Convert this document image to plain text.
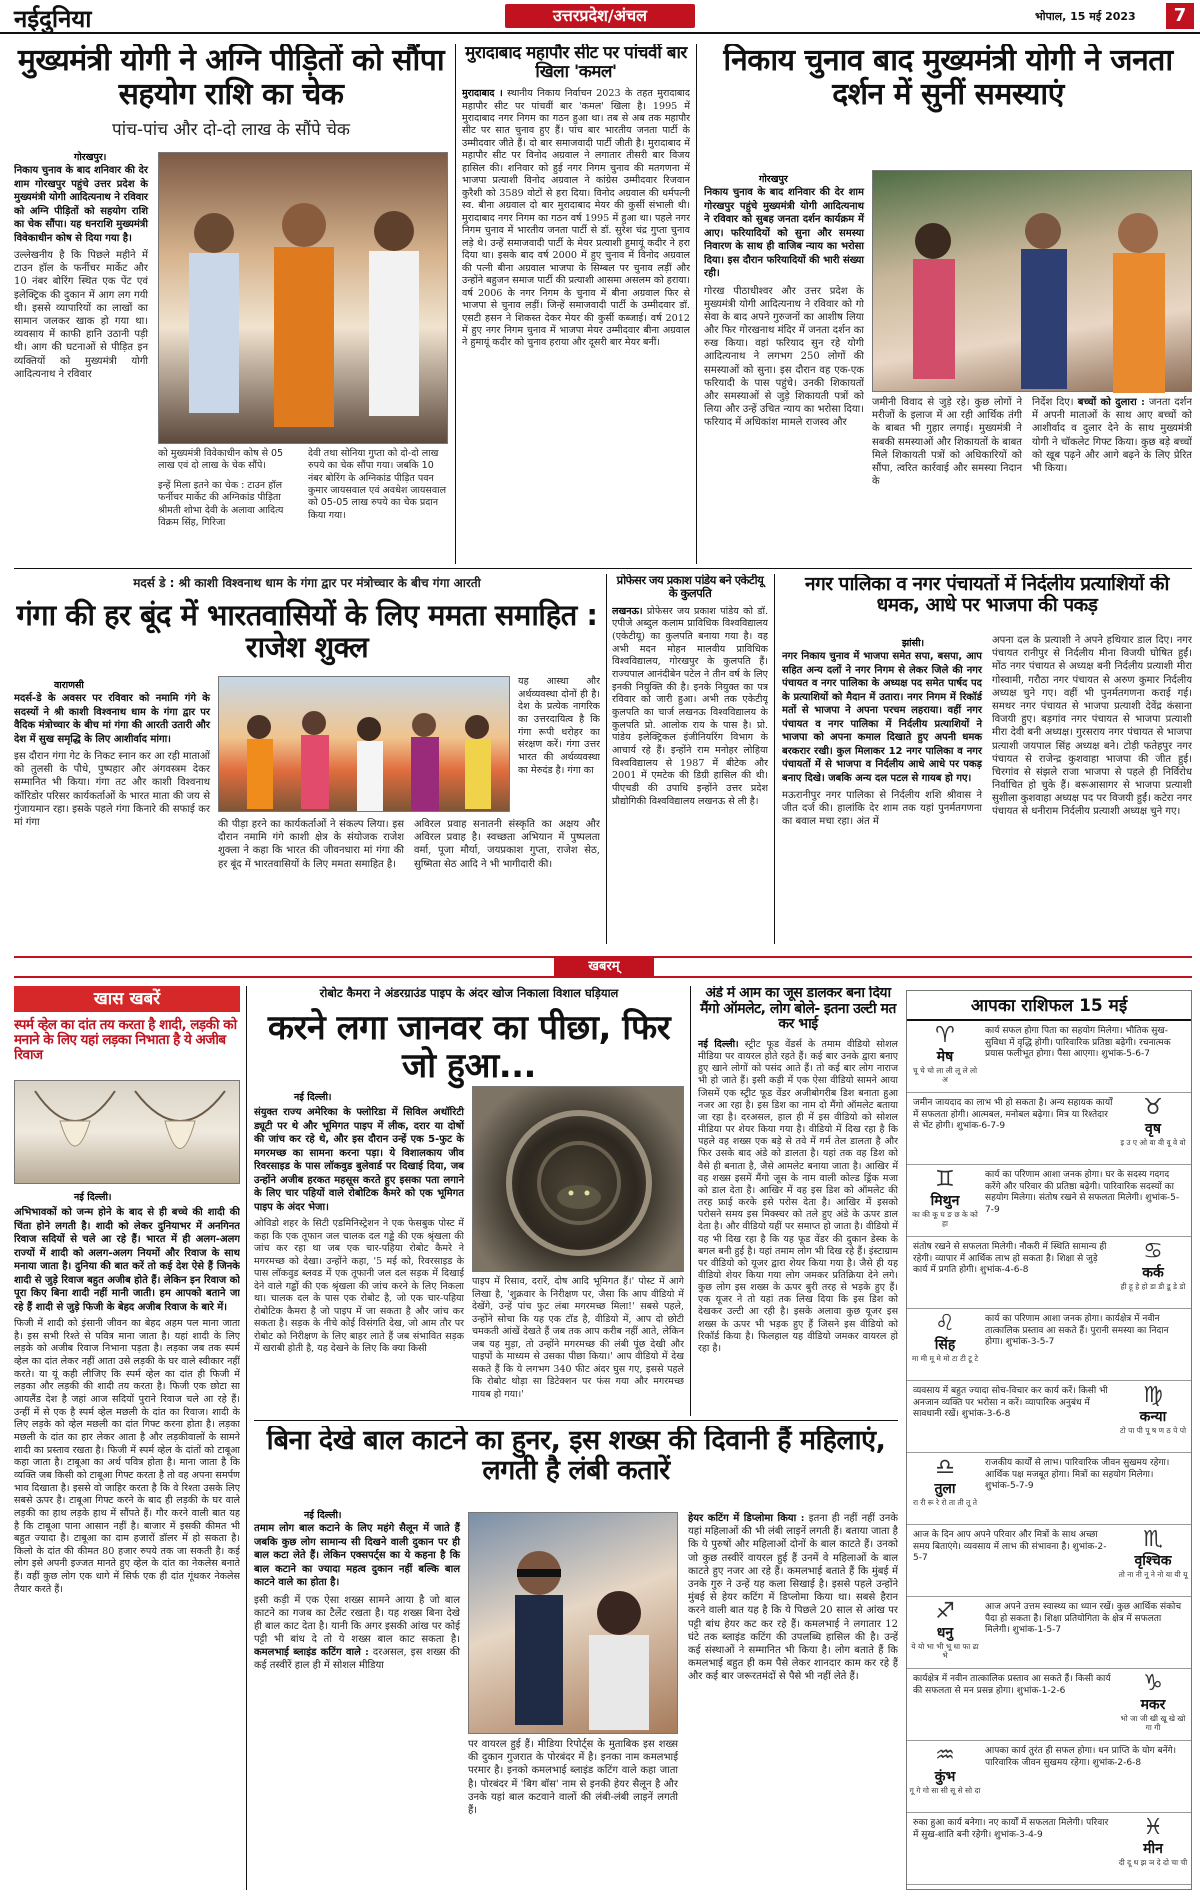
नईदुनिया	उत्तरप्रदेश/अंचल	भोपाल, 15 मई 2023	7
मुख्यमंत्री योगी ने अग्नि पीड़ितों को सौंपा सहयोग राशि का चेक
पांच-पांच और दो-दो लाख के सौंपे चेक
गोरखपुर।
निकाय चुनाव के बाद शनिवार की देर शाम गोरखपुर पहुंचे उत्तर प्रदेश के मुख्यमंत्री योगी आदित्यनाथ ने रविवार को अग्नि पीड़ितों को सहयोग राशि का चेक सौंपा। यह धनराशि मुख्यमंत्री विवेकाधीन कोष से दिया गया है।
उल्लेखनीय है कि पिछले महीने में टाउन हॉल के फर्नीचर मार्केट और 10 नंबर बोरिंग स्थित एक पेंट एवं इलेक्ट्रिक की दुकान में आग लग गयी थी। इससे व्यापारियों का लाखों का सामान जलकर खाक हो गया था। व्यवसाय में काफी हानि उठानी पड़ी थी। आग की घटनाओं से पीड़ित इन व्यक्तियों को मुख्यमंत्री योगी आदित्यनाथ ने रविवार
को मुख्यमंत्री विवेकाधीन कोष से 05 लाख एवं दो लाख के चेक सौंपे।
इन्हें मिला इतने का चेक : टाउन हॉल फर्नीचर मार्केट की अग्निकांड पीड़िता श्रीमती शोभा देवी के अलावा आदित्य विक्रम सिंह, गिरिजा
देवी तथा सोनिया गुप्ता को दो-दो लाख रुपये का चेक सौंपा गया। जबकि 10 नंबर बोरिंग के अग्निकांड पीड़ित पवन कुमार जायसवाल एवं अवधेश जायसवाल को 05-05 लाख रुपये का चेक प्रदान किया गया।
मुरादाबाद महापौर सीट पर पांचवीं बार खिला 'कमल'
मुरादाबाद । स्थानीय निकाय निर्वाचन 2023 के तहत मुरादाबाद महापौर सीट पर पांचवीं बार 'कमल' खिला है। 1995 में मुरादाबाद नगर निगम का गठन हुआ था। तब से अब तक महापौर सीट पर सात चुनाव हुए हैं। पांच बार भारतीय जनता पार्टी के उम्मीदवार जीते हैं। दो बार समाजवादी पार्टी जीती है। मुरादाबाद में महापौर सीट पर विनोद अग्रवाल ने लगातार तीसरी बार विजय हासिल की। शनिवार को हुई नगर निगम चुनाव की मतगणना में भाजपा प्रत्याशी विनोद अग्रवाल ने कांग्रेस उम्मीदवार रिजवान कुरैशी को 3589 वोटों से हरा दिया। विनोद अग्रवाल की धर्मपत्नी स्व. बीना अग्रवाल दो बार मुरादाबाद मेयर की कुर्सी संभाली थी। मुरादाबाद नगर निगम का गठन वर्ष 1995 में हुआ था। पहले नगर निगम चुनाव में भारतीय जनता पार्टी से डॉ. सुरेश चंद्र गुप्ता चुनाव लड़े थे। उन्हें समाजवादी पार्टी के मेयर प्रत्याशी हुमायूं कदीर ने हरा दिया था। इसके बाद वर्ष 2000 में हुए चुनाव में विनोद अग्रवाल की पत्नी बीना अग्रवाल भाजपा के सिम्बल पर चुनाव लड़ीं और उन्होंने बहुजन समाज पार्टी की प्रत्याशी आसमा असलम को हराया। वर्ष 2006 के नगर निगम के चुनाव में बीना अग्रवाल फिर से भाजपा से चुनाव लड़ीं। जिन्हें समाजवादी पार्टी के उम्मीदवार डॉ. एसटी हसन ने शिकस्त देकर मेयर की कुर्सी कब्जाई। वर्ष 2012 में हुए नगर निगम चुनाव में भाजपा मेयर उम्मीदवार बीना अग्रवाल ने हुमायूं कदीर को चुनाव हराया और दूसरी बार मेयर बनीं।
निकाय चुनाव बाद मुख्यमंत्री योगी ने जनता दर्शन में सुनीं समस्याएं
गोरखपुर
निकाय चुनाव के बाद शनिवार की देर शाम गोरखपुर पहुंचे मुख्यमंत्री योगी आदित्यनाथ ने रविवार को सुबह जनता दर्शन कार्यक्रम में आए। फरियादियों को सुना और समस्या निवारण के साथ ही वाजिब न्याय का भरोसा दिया। इस दौरान फरियादियों की भारी संख्या रही।
गोरख पीठाधीश्वर और उत्तर प्रदेश के मुख्यमंत्री योगी आदित्यनाथ ने रविवार को गो सेवा के बाद अपने गुरुजनों का आशीष लिया और फिर गोरखनाथ मंदिर में जनता दर्शन का रुख किया। वहां फरियाद सुन रहे योगी आदित्यनाथ ने लगभग 250 लोगों की समस्याओं को सुना। इस दौरान वह एक-एक फरियादी के पास पहुंचे। उनकी शिकायतों और समस्याओं से जुड़े शिकायती पत्रों को लिया और उन्हें उचित न्याय का भरोसा दिया। फरियाद में अधिकांश मामले राजस्व और
जमीनी विवाद से जुड़े रहे। कुछ लोगों ने मरीजों के इलाज में आ रही आर्थिक तंगी के बाबत भी गुहार लगाई। मुख्यमंत्री ने सबकी समस्याओं और शिकायतों के बाबत मिले शिकायती पत्रों को अधिकारियों को सौंपा, त्वरित कार्रवाई और समस्या निदान के
निर्देश दिए। बच्चों को दुलारा : जनता दर्शन में अपनी माताओं के साथ आए बच्चों को आशीर्वाद व दुलार देने के साथ मुख्यमंत्री योगी ने चॉकलेट गिफ्ट किया। कुछ बड़े बच्चों को खूब पढ़ने और आगे बढ़ने के लिए प्रेरित भी किया।
मदर्स डे : श्री काशी विश्वनाथ धाम के गंगा द्वार पर मंत्रोच्चार के बीच गंगा आरती
गंगा की हर बूंद में भारतवासियों के लिए ममता समाहित : राजेश शुक्ल
वाराणसी
मदर्स-डे के अवसर पर रविवार को नमामि गंगे के सदस्यों ने श्री काशी विश्वनाथ धाम के गंगा द्वार पर वैदिक मंत्रोच्चार के बीच मां गंगा की आरती उतारी और देश में सुख समृद्धि के लिए आशीर्वाद मांगा।
इस दौरान गंगा गेट के निकट स्नान कर आ रही माताओं को तुलसी के पौधे, पुष्पहार और अंगवस्त्रम देकर सम्मानित भी किया। गंगा तट और काशी विश्वनाथ कॉरिडोर परिसर कार्यकर्ताओं के भारत माता की जय से गुंजायमान रहा। इसके पहले गंगा किनारे की सफाई कर मां गंगा
यह आस्था और अर्थव्यवस्था दोनों ही है। देश के प्रत्येक नागरिक का उत्तरदायित्व है कि गंगा रूपी धरोहर का संरक्षण करें। गंगा उत्तर भारत की अर्थव्यवस्था का मेरुदंड है। गंगा का
की पीड़ा हरने का कार्यकर्ताओं ने संकल्प लिया। इस दौरान नमामि गंगे काशी क्षेत्र के संयोजक राजेश शुक्ला ने कहा कि भारत की जीवनधारा मां गंगा की हर बूंद में भारतवासियों के लिए ममता समाहित है।
अविरल प्रवाह सनातनी संस्कृति का अक्षय और अविरल प्रवाह है। स्वच्छता अभियान में पुष्पलता वर्मा, पूजा मौर्या, जयप्रकाश गुप्ता, राजेश सेठ, सुष्मिता सेठ आदि ने भी भागीदारी की।
प्रोफेसर जय प्रकाश पांडेय बने एकेटीयू के कुलपति
लखनऊ। प्रोफेसर जय प्रकाश पांडेय को डॉ. एपीजे अब्दुल कलाम प्राविधिक विश्वविद्यालय (एकेटीयू) का कुलपति बनाया गया है। वह अभी मदन मोहन मालवीय प्राविधिक विश्वविद्यालय, गोरखपुर के कुलपति हैं। राज्यपाल आनंदीबेन पटेल ने तीन वर्ष के लिए इनकी नियुक्ति की है। इनके नियुक्त का पत्र रविवार को जारी हुआ। अभी तक एकेटीयू कुलपति का चार्ज लखनऊ विश्वविद्यालय के कुलपति प्रो. आलोक राय के पास है। प्रो. पांडेय इलेक्ट्रिकल इंजीनियरिंग विभाग के आचार्य रहे हैं। इन्होंने राम मनोहर लोहिया विश्वविद्यालय से 1987 में बीटेक और 2001 में एमटेक की डिग्री हासिल की थी। पीएचडी की उपाधि इन्होंने उत्तर प्रदेश प्रौद्योगिकी विश्वविद्यालय लखनऊ से ली है।
नगर पालिका व नगर पंचायतों में निर्दलीय प्रत्याशियों की धमक, आधे पर भाजपा की पकड़
झांसी।
नगर निकाय चुनाव में भाजपा समेत सपा, बसपा, आप सहित अन्य दलों ने नगर निगम से लेकर जिले की नगर पंचायत व नगर पालिका के अध्यक्ष पद समेत पार्षद पद के प्रत्याशियों को मैदान में उतारा। नगर निगम में रिकॉर्ड मतों से भाजपा ने अपना परचम लहराया। वहीं नगर पंचायत व नगर पालिका में निर्दलीय प्रत्याशियों ने भाजपा को अपना कमाल दिखाते हुए अपनी धमक बरकरार रखी। कुल मिलाकर 12 नगर पालिका व नगर पंचायतों में से भाजपा व निर्दलीय आधे आधे पर पकड़ बनाए दिखे। जबकि अन्य दल पटल से गायब हो गए।
मऊरानीपुर नगर पालिका से निर्दलीय शशि श्रीवास ने जीत दर्ज की। हालांकि देर शाम तक यहां पुनर्मतगणना का बवाल मचा रहा। अंत में
अपना दल के प्रत्याशी ने अपने हथियार डाल दिए। नगर पंचायत रानीपुर से निर्दलीय मीना विजयी घोषित हुईं। मोंठ नगर पंचायत से अध्यक्ष बनी निर्दलीय प्रत्याशी मीरा गोस्वामी, गरौठा नगर पंचायत से अरुण कुमार निर्दलीय अध्यक्ष चुने गए। वहीं भी पुनर्मतगणना कराई गई। समथर नगर पंचायत से भाजपा प्रत्याशी देवेंद्र कंसाना विजयी हुए। बड़गांव नगर पंचायत से भाजपा प्रत्याशी मीरा देवी बनी अध्यक्ष। गुरसराय नगर पंचायत से भाजपा प्रत्याशी जयपाल सिंह अध्यक्ष बने। टोड़ी फतेहपुर नगर पंचायत से राजेन्द्र कुशवाहा भाजपा की जीत हुई। चिरगांव से संझले राजा भाजपा से पहले ही निर्विरोध निर्वाचित हो चुके हैं। बरूआसागर से भाजपा प्रत्याशी सुशीला कुशवाहा अध्यक्ष पद पर विजयी हुईं। कटेरा नगर पंचायत से धनीराम निर्दलीय प्रत्याशी अध्यक्ष चुने गए।
खबरम्
खास खबरें
स्पर्म व्हेल का दांत तय करता है शादी, लड़की को मनाने के लिए यहां लड़का निभाता है ये अजीब रिवाज
नई दिल्ली।
अभिभावकों को जन्म होने के बाद से ही बच्चे की शादी की चिंता होने लगती है। शादी को लेकर दुनियाभर में अनगिनत रिवाज सदियों से चले आ रहे हैं। भारत में ही अलग-अलग राज्यों में शादी को अलग-अलग नियमों और रिवाज के साथ मनाया जाता है। दुनिया की बात करें तो कई देश ऐसे हैं जिनके शादी से जुड़े रिवाज बहुत अजीब होते हैं। लेकिन इन रिवाज को पूरा किए बिना शादी नहीं मानी जाती। हम आपको बताने जा रहे हैं शादी से जुड़े फिजी के बेहद अजीब रिवाज के बारे में।
फिजी में शादी को इंसानी जीवन का बेहद अहम पल माना जाता है। इस सभी रिश्ते से पवित्र माना जाता है। यहां शादी के लिए लड़के को अजीब रिवाज निभाना पड़ता है। लड़का जब तक स्पर्म व्हेल का दांत लेकर नहीं आता उसे लड़की के घर वाले स्वीकार नहीं करते। या यूं कही लीजिए कि स्पर्म व्हेल का दांत ही फिजी में लड़का और लड़की की शादी तय करता है। फिजी एक छोटा सा आयलैंड देश है जहां आज सदियों पुराने रिवाज चले आ रहे हैं। उन्हीं में से एक है स्पर्म व्हेल मछली के दांत का रिवाज। शादी के लिए लड़के को व्हेल मछली का दांत गिफ्ट करना होता है। लड़का मछली के दांत का हार लेकर आता है और लड़कीवालों के सामने शादी का प्रस्ताव रखता है। फिजी में स्पर्म व्हेल के दांतों को टाबूआ कहा जाता है। टाबूआ का अर्थ पवित्र होता है। माना जाता है कि व्यक्ति जब किसी को टाबूआ गिफ्ट करता है तो वह अपना समर्पण भाव दिखाता है। इससे वो जाहिर करता है कि वे रिश्ता उसके लिए सबसे ऊपर है। टाबूआ गिफ्ट करने के बाद ही लड़की के घर वाले लड़की का हाथ लड़के हाथ में सौंपते हैं। गौर करने वाली बात यह है कि टाबूआ पाना आसान नहीं है। बाजार में इसकी कीमत भी बहुत ज्यादा है। टाबूआ का दाम हजारों डॉलर में हो सकता है। किलो के दांत की कीमत 80 हजार रुपये तक जा सकती है। कई लोग इसे अपनी इज्जत मानते हुए व्हेल के दांत का नेकलेस बनाते हैं। वहीं कुछ लोग एक धागे में सिर्फ एक ही दांत गूंथकर नेकलेस तैयार करते हैं।
रोबोट कैमरा ने अंडरग्राउंड पाइप के अंदर खोज निकाला विशाल घड़ियाल
करने लगा जानवर का पीछा, फिर जो हुआ...
नई दिल्ली।
संयुक्त राज्य अमेरिका के फ्लोरिडा में सिविल अथॉरिटी ड्यूटी पर थे और भूमिगत पाइप में लीक, दरार या दोषों की जांच कर रहे थे, और इस दौरान उन्हें एक 5-फुट के मगरमच्छ का सामना करना पड़ा। ये विशालकाय जीव रिवरसाइड के पास लॉकवुड बुलेवार्ड पर दिखाई दिया, जब उन्होंने अजीब हरकत महसूस करते हुए इसका पता लगाने के लिए चार पहियों वाले रोबोटिक कैमरे को एक भूमिगत पाइप के अंदर भेजा।
ओविडो शहर के सिटी एडमिनिस्ट्रेशन ने एक फेसबुक पोस्ट में कहा कि एक तूफान जल चालक दल गड्ढे की एक श्रृंखला की जांच कर रहा था जब एक चार-पहिया रोबोट कैमरे ने मगरमच्छ को देखा। उन्होंने कहा, '5 मई को, रिवरसाइड के पास लॉकवुड ब्लवड में एक तूफानी जल दल सड़क में दिखाई देने वाले गड्ढों की एक श्रृंखला की जांच करने के लिए निकला था। चालक दल के पास एक रोबोट है, जो एक चार-पहिया रोबोटिक कैमरा है जो पाइप में जा सकता है और जांच कर सकता है। सड़क के नीचे कोई विसंगति देख, जो आम तौर पर रोबोट को निरीक्षण के लिए बाहर लाते हैं जब संभावित सड़क में खराबी होती है, यह देखने के लिए कि क्या किसी
पाइप में रिसाव, दरारें, दोष आदि भूमिगत हैं।' पोस्ट में आगे लिखा है, 'शुक्रवार के निरीक्षण पर, जैसा कि आप वीडियो में देखेंगे, उन्हें पांच फुट लंबा मगरमच्छ मिला!' सबसे पहले, उन्होंने सोचा कि यह एक टॉड है, वीडियो में, आप दो छोटी चमकती आंखें देखते हैं जब तक आप करीब नहीं आते, लेकिन जब यह मुड़ा, तो उन्होंने मगरमच्छ की लंबी पूंछ देखी और पाइपों के माध्यम से उसका पीछा किया।' आप वीडियो में देख सकते हैं कि ये लगभग 340 फीट अंदर घुस गए, इससे पहले कि रोबोट थोड़ा सा डिटेक्शन पर फंस गया और मगरमच्छ गायब हो गया।'
अंडे में आम का जूस डालकर बना दिया मैंगो ऑमलेट, लोग बोले- इतना उल्टी मत कर भाई
नई दिल्ली। स्ट्रीट फूड वेंडर्स के तमाम वीडियो सोशल मीडिया पर वायरल होते रहते हैं। कई बार उनके द्वारा बनाए हुए खाने लोगों को पसंद आते हैं। तो कई बार लोग नाराज भी हो जाते हैं। इसी कड़ी में एक ऐसा वीडियो सामने आया जिसमें एक स्ट्रीट फूड वेंडर अजीबोगरीब डिश बनाता हुआ नजर आ रहा है। इस डिश का नाम दो मैंगो ऑमलेट बताया जा रहा है। दरअसल, हाल ही में इस वीडियो को सोशल मीडिया पर शेयर किया गया है। वीडियो में दिख रहा है कि पहले वह शख्स एक बड़े से तवे में गर्म तेल डालता है और फिर उसके बाद अंडे को डालता है। यहां तक वह डिश को वैसे ही बनाता है, जैसे आमलेट बनाया जाता है। आखिर में वह शख्स इसमें मैंगो जूस के नाम वाली कोल्ड ड्रिंक मजा को डाल देता है। आखिर में वह इस डिश को ऑमलेट की तरह फ्राई करके इसे परोस देता है। आखिर में इसको परोसने समय इस मिक्स्चर को तले हुए अंडे के ऊपर डाल देता है। और वीडियो यहीं पर समाप्त हो जाता है। वीडियो में यह भी दिख रहा है कि यह फूड वेंडर की दुकान डेस्क के बगल बनी हुई है। यहां तमाम लोग भी दिख रहे हैं। इंस्टाग्राम पर वीडियो को यूजर द्वारा शेयर किया गया है। जैसे ही यह वीडियो शेयर किया गया लोग जमकर प्रतिक्रिया देने लगे। कुछ लोग इस शख्स के ऊपर बुरी तरह से भड़के हुए हैं। एक यूजर ने तो यहां तक लिख दिया कि इस डिश को देखकर उल्टी आ रही है। इसके अलावा कुछ यूजर इस शख्स के ऊपर भी भड़क हुए हैं जिसने इस वीडियो को रिकॉर्ड किया है। फिलहाल यह वीडियो जमकर वायरल हो रहा है।
आपका राशिफल 15 मई
♈
मेष
चू चे चो ला ली लू ले लो अ
कार्य सफल होगा पिता का सहयोग मिलेगा। भौतिक सुख-सुविधा में वृद्धि होगी। पारिवारिक प्रतिष्ठा बढ़ेगी। रचनात्मक प्रयास फलीभूत होगा। पैसा आएगा। शुभांक-5-6-7
♉
वृष
इ उ ए ओ वा वी वू वे वो
जमीन जायदाद का लाभ भी हो सकता है। अन्य सहायक कार्यों में सफलता होगी। आत्मबल, मनोबल बढ़ेगा। मित्र या रिश्तेदार से भेंट होगी। शुभांक-6-7-9
♊
मिथुन
का की कू घ ङ छ के को हा
कार्य का परिणाम आशा जनक होगा। घर के सदस्य गदगद करेंगे और परिवार की प्रतिष्ठा बढ़ेगी। पारिवारिक सदस्यों का सहयोग मिलेगा। संतोष रखने से सफलता मिलेगी। शुभांक-5-7-9
♋
कर्क
ही हू हे हो डा डी डू डे डो
संतोष रखने से सफलता मिलेगी। नौकरी में स्थिति सामान्य ही रहेगी। व्यापार में आर्थिक लाभ हो सकता है। शिक्षा से जुड़े कार्य में प्रगति होगी। शुभांक-4-6-8
♌
सिंह
मा मी मू मे मो टा टी टू टे
कार्य का परिणाम आशा जनक होगा। कार्यक्षेत्र में नवीन तात्कालिक प्रस्ताव आ सकते हैं। पुरानी समस्या का निदान होगा। शुभांक-3-5-7
♍
कन्या
टो पा पी पू ष ण ठ पे पो
व्यवसाय में बहुत ज्यादा सोच-विचार कर कार्य करें। किसी भी अनजान व्यक्ति पर भरोसा न करें। व्यापारिक अनुबंध में सावधानी रखें। शुभांक-3-6-8
♎
तुला
रा री रू रे रो ता ती तू ते
राजकीय कार्यों से लाभ। पारिवारिक जीवन सुखमय रहेगा। आर्थिक पक्ष मजबूत होगा। मित्रों का सहयोग मिलेगा। शुभांक-5-7-9
♏
वृश्चिक
तो ना नी नू ने नो या यी यू
आज के दिन आप अपने परिवार और मित्रों के साथ अच्छा समय बिताएंगे। व्यवसाय में लाभ की संभावना है। शुभांक-2-5-7
♐
धनु
ये यो भा भी भू धा फा ढा भे
आज अपने उत्तम स्वास्थ्य का ध्यान रखें। कुछ आर्थिक संकोच पैदा हो सकता है। शिक्षा प्रतियोगिता के क्षेत्र में सफलता मिलेगी। शुभांक-1-5-7
♑
मकर
भो जा जी खी खू खे खो गा गी
कार्यक्षेत्र में नवीन तात्कालिक प्रस्ताव आ सकते हैं। किसी कार्य की सफलता से मन प्रसन्न होगा। शुभांक-1-2-6
♒
कुंभ
गू गे गो सा सी सू से सो दा
आपका कार्य तुरंत ही सफल होगा। धन प्राप्ति के योग बनेंगे। पारिवारिक जीवन सुखमय रहेगा। शुभांक-2-6-8
♓
मीन
दी दू थ झ ञ दे दो चा ची
रुका हुआ कार्य बनेगा। नए कार्यों में सफलता मिलेगी। परिवार में सुख-शांति बनी रहेगी। शुभांक-3-4-9
बिना देखे बाल काटने का हुनर, इस शख्स की दिवानी हैं महिलाएं, लगती है लंबी कतारें
नई दिल्ली।
तमाम लोग बाल कटाने के लिए महंगे सैलून में जाते हैं जबकि कुछ लोग सामान्य सी दिखने वाली दुकान पर ही बाल कटा लेते हैं। लेकिन एक्सपर्ट्स का ये कहना है कि बाल कटाने का ज्यादा महत्व दुकान नहीं बल्कि बाल काटने वाले का होता है।
इसी कड़ी में एक ऐसा शख्स सामने आया है जो बाल काटने का गजब का टैलेंट रखता है। यह शख्स बिना देखे ही बाल काट देता है। यानी कि अगर इसकी आंख पर कोई पट्टी भी बांध दे तो ये शख्स बाल काट सकता है। कमलभाई ब्लाइंड कटिंग वाले : दरअसल, इस शख्स की कई तस्वीरें हाल ही में सोशल मीडिया
पर वायरल हुई हैं। मीडिया रिपोर्ट्स के मुताबिक इस शख्स की दुकान गुजरात के पोरबंदर में है। इनका नाम कमलभाई परमार है। इनको कमलभाई ब्लाइंड कटिंग वाले कहा जाता है। पोरबंदर में 'बिग बॉस' नाम से इनकी हेयर सैलून है और उनके यहां बाल कटवाने वालों की लंबी-लंबी लाइनें लगती हैं।
हेयर कटिंग में डिप्लोमा किया : इतना ही नहीं नहीं उनके यहां महिलाओं की भी लंबी लाइनें लगती हैं। बताया जाता है कि ये पुरुषों और महिलाओं दोनों के बाल काटते हैं। उनको जो कुछ तस्वीरें वायरल हुई हैं उनमें वे महिलाओं के बाल काटते हुए नजर आ रहे हैं। कमलभाई बताते हैं कि मुंबई में उनके गुरु ने उन्हें यह कला सिखाई है। इससे पहले उन्होंने मुंबई से हेयर कटिंग में डिप्लोमा किया था। सबसे हैरान करने वाली बात यह है कि ये पिछले 20 साल से आंख पर पट्टी बांध हेयर कट कर रहे हैं। कमलभाई ने लगातार 12 घंटे तक ब्लाइंड कटिंग की उपलब्धि हासिल की है। उन्हें कई संस्थाओं ने सम्मानित भी किया है। लोग बताते हैं कि कमलभाई बहुत ही कम पैसे लेकर शानदार काम कर रहे हैं और कई बार जरूरतमंदों से पैसे भी नहीं लेते हैं।
